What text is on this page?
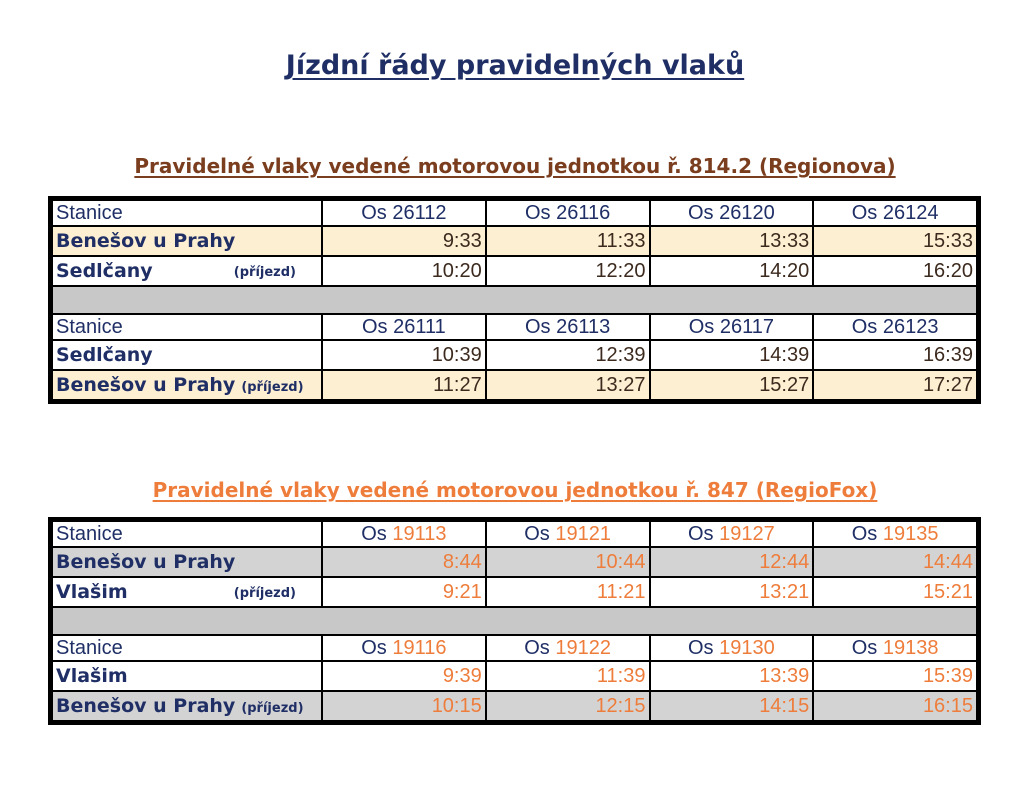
Jízdní řády pravidelných vlaků
Pravidelné vlaky vedené motorovou jednotkou ř. 814.2 (Regionova)
Stanice	Os 26112	Os 26116	Os 26120	Os 26124
Benešov u Prahy	9:33	11:33	13:33	15:33
Sedlčany (příjezd)	10:20	12:20	14:20	16:20

Stanice	Os 26111	Os 26113	Os 26117	Os 26123
Sedlčany	10:39	12:39	14:39	16:39
Benešov u Prahy (příjezd)	11:27	13:27	15:27	17:27
Pravidelné vlaky vedené motorovou jednotkou ř. 847 (RegioFox)
Stanice	Os 19113	Os 19121	Os 19127	Os 19135
Benešov u Prahy	8:44	10:44	12:44	14:44
Vlašim (příjezd)	9:21	11:21	13:21	15:21

Stanice	Os 19116	Os 19122	Os 19130	Os 19138
Vlašim	9:39	11:39	13:39	15:39
Benešov u Prahy (příjezd)	10:15	12:15	14:15	16:15
